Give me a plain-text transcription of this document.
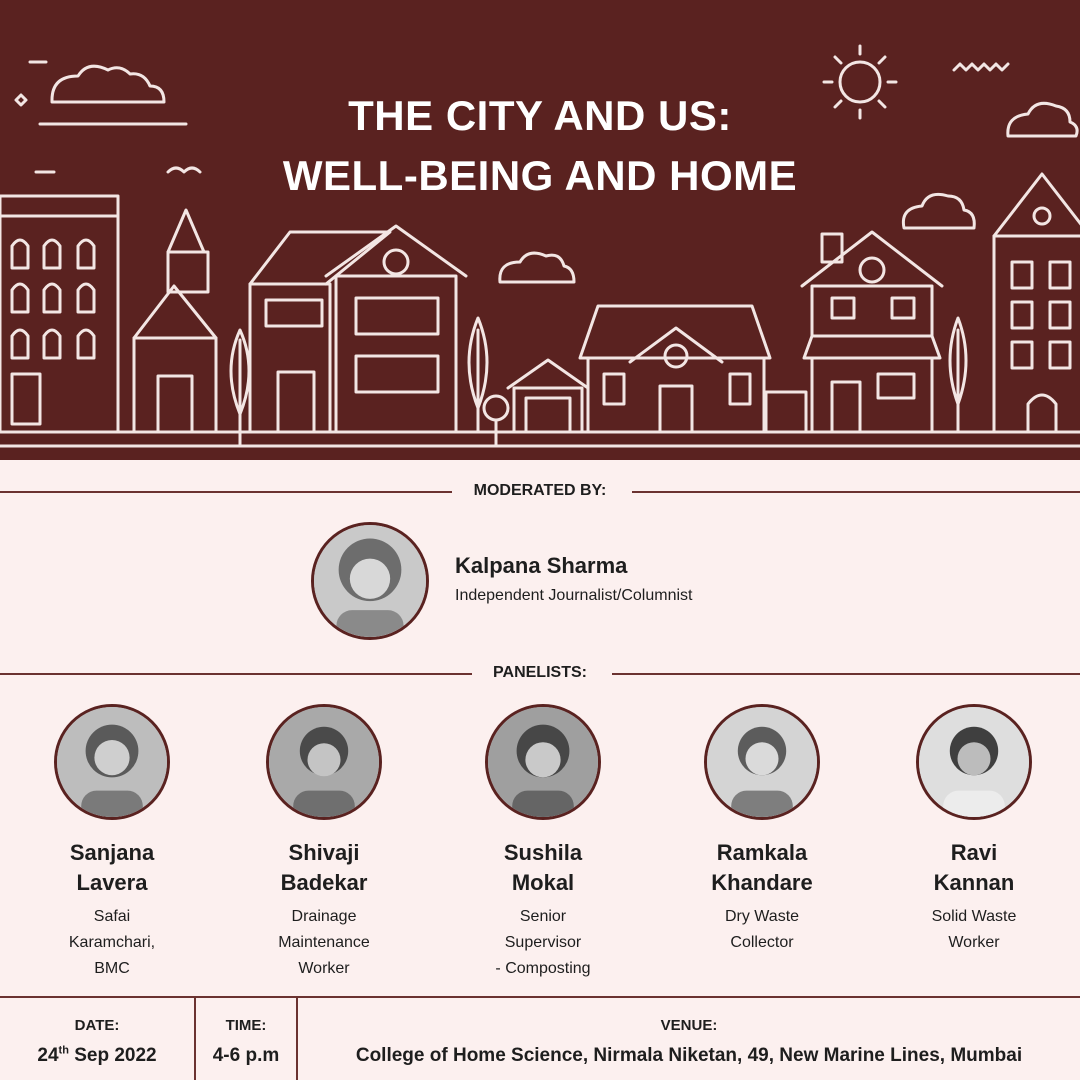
THE CITY AND US:
WELL-BEING AND HOME
MODERATED BY:
Kalpana Sharma
Independent Journalist/Columnist
PANELISTS:
Sanjana
Lavera
Safai
Karamchari,
BMC
Shivaji
Badekar
Drainage
Maintenance
Worker
Sushila
Mokal
Senior
Supervisor
- Composting
Ramkala
Khandare
Dry Waste
Collector
Ravi
Kannan
Solid Waste
Worker
DATE:
24th Sep 2022
TIME:
4-6 p.m
VENUE:
College of Home Science, Nirmala Niketan, 49, New Marine Lines, Mumbai
